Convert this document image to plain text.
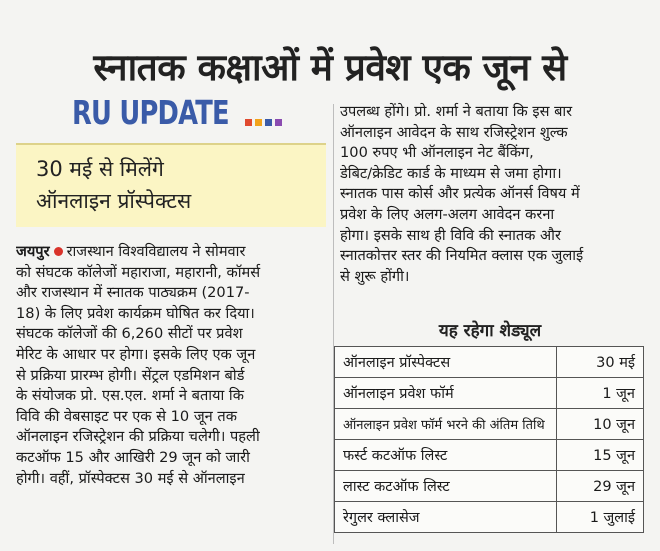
स्नातक कक्षाओं में प्रवेश एक जून से
RU UPDATE
30 मई से मिलेंगे
ऑनलाइन प्रॉस्पेक्टस
जयपुर राजस्थान विश्वविद्यालय ने सोमवार
को संघटक कॉलेजों महाराजा, महारानी, कॉमर्स
और राजस्थान में स्नातक पाठ्यक्रम (2017-
18) के लिए प्रवेश कार्यक्रम घोषित कर दिया।
संघटक कॉलेजों की 6,260 सीटों पर प्रवेश
मेरिट के आधार पर होगा। इसके लिए एक जून
से प्रक्रिया प्रारम्भ होगी। सेंट्रल एडमिशन बोर्ड
के संयोजक प्रो. एस.एल. शर्मा ने बताया कि
विवि की वेबसाइट पर एक से 10 जून तक
ऑनलाइन रजिस्ट्रेशन की प्रक्रिया चलेगी। पहली
कटऑफ 15 और आखिरी 29 जून को जारी
होगी। वहीं, प्रॉस्पेक्टस 30 मई से ऑनलाइन
उपलब्ध होंगे। प्रो. शर्मा ने बताया कि इस बार
ऑनलाइन आवेदन के साथ रजिस्ट्रेशन शुल्क
100 रुपए भी ऑनलाइन नेट बैंकिंग,
डेबिट/क्रेडिट कार्ड के माध्यम से जमा होगा।
स्नातक पास कोर्स और प्रत्येक ऑनर्स विषय में
प्रवेश के लिए अलग-अलग आवेदन करना
होगा। इसके साथ ही विवि की स्नातक और
स्नातकोत्तर स्तर की नियमित क्लास एक जुलाई
से शुरू होंगी।
यह रहेगा शेड्यूल
ऑनलाइन प्रॉस्पेक्टस	30 मई
ऑनलाइन प्रवेश फॉर्म	1 जून
ऑनलाइन प्रवेश फॉर्म भरने की अंतिम तिथि	10 जून
फर्स्ट कटऑफ लिस्ट	15 जून
लास्ट कटऑफ लिस्ट	29 जून
रेगुलर क्लासेज	1 जुलाई
